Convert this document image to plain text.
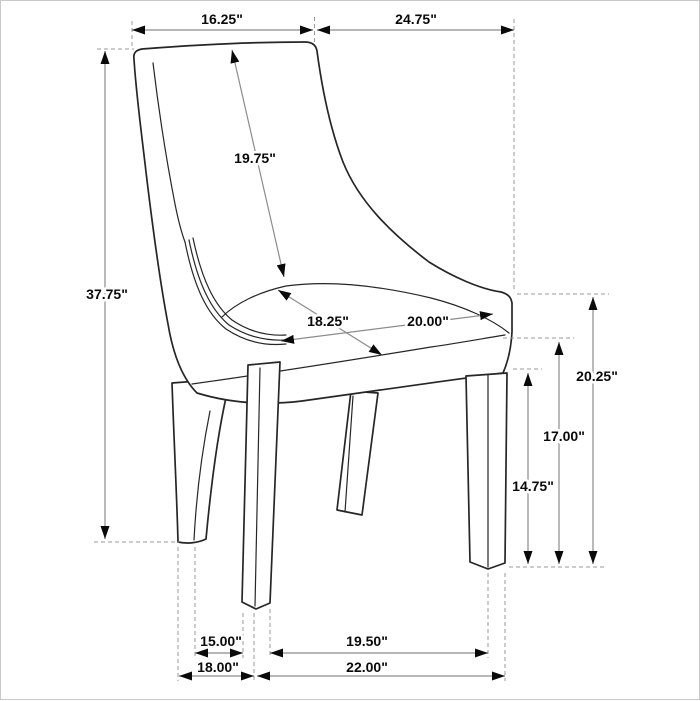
16.25"	24.75"
37.75"
19.75"
18.25"	20.00"
20.25"
17.00"
14.75"
15.00"	19.50"
18.00"	22.00"
